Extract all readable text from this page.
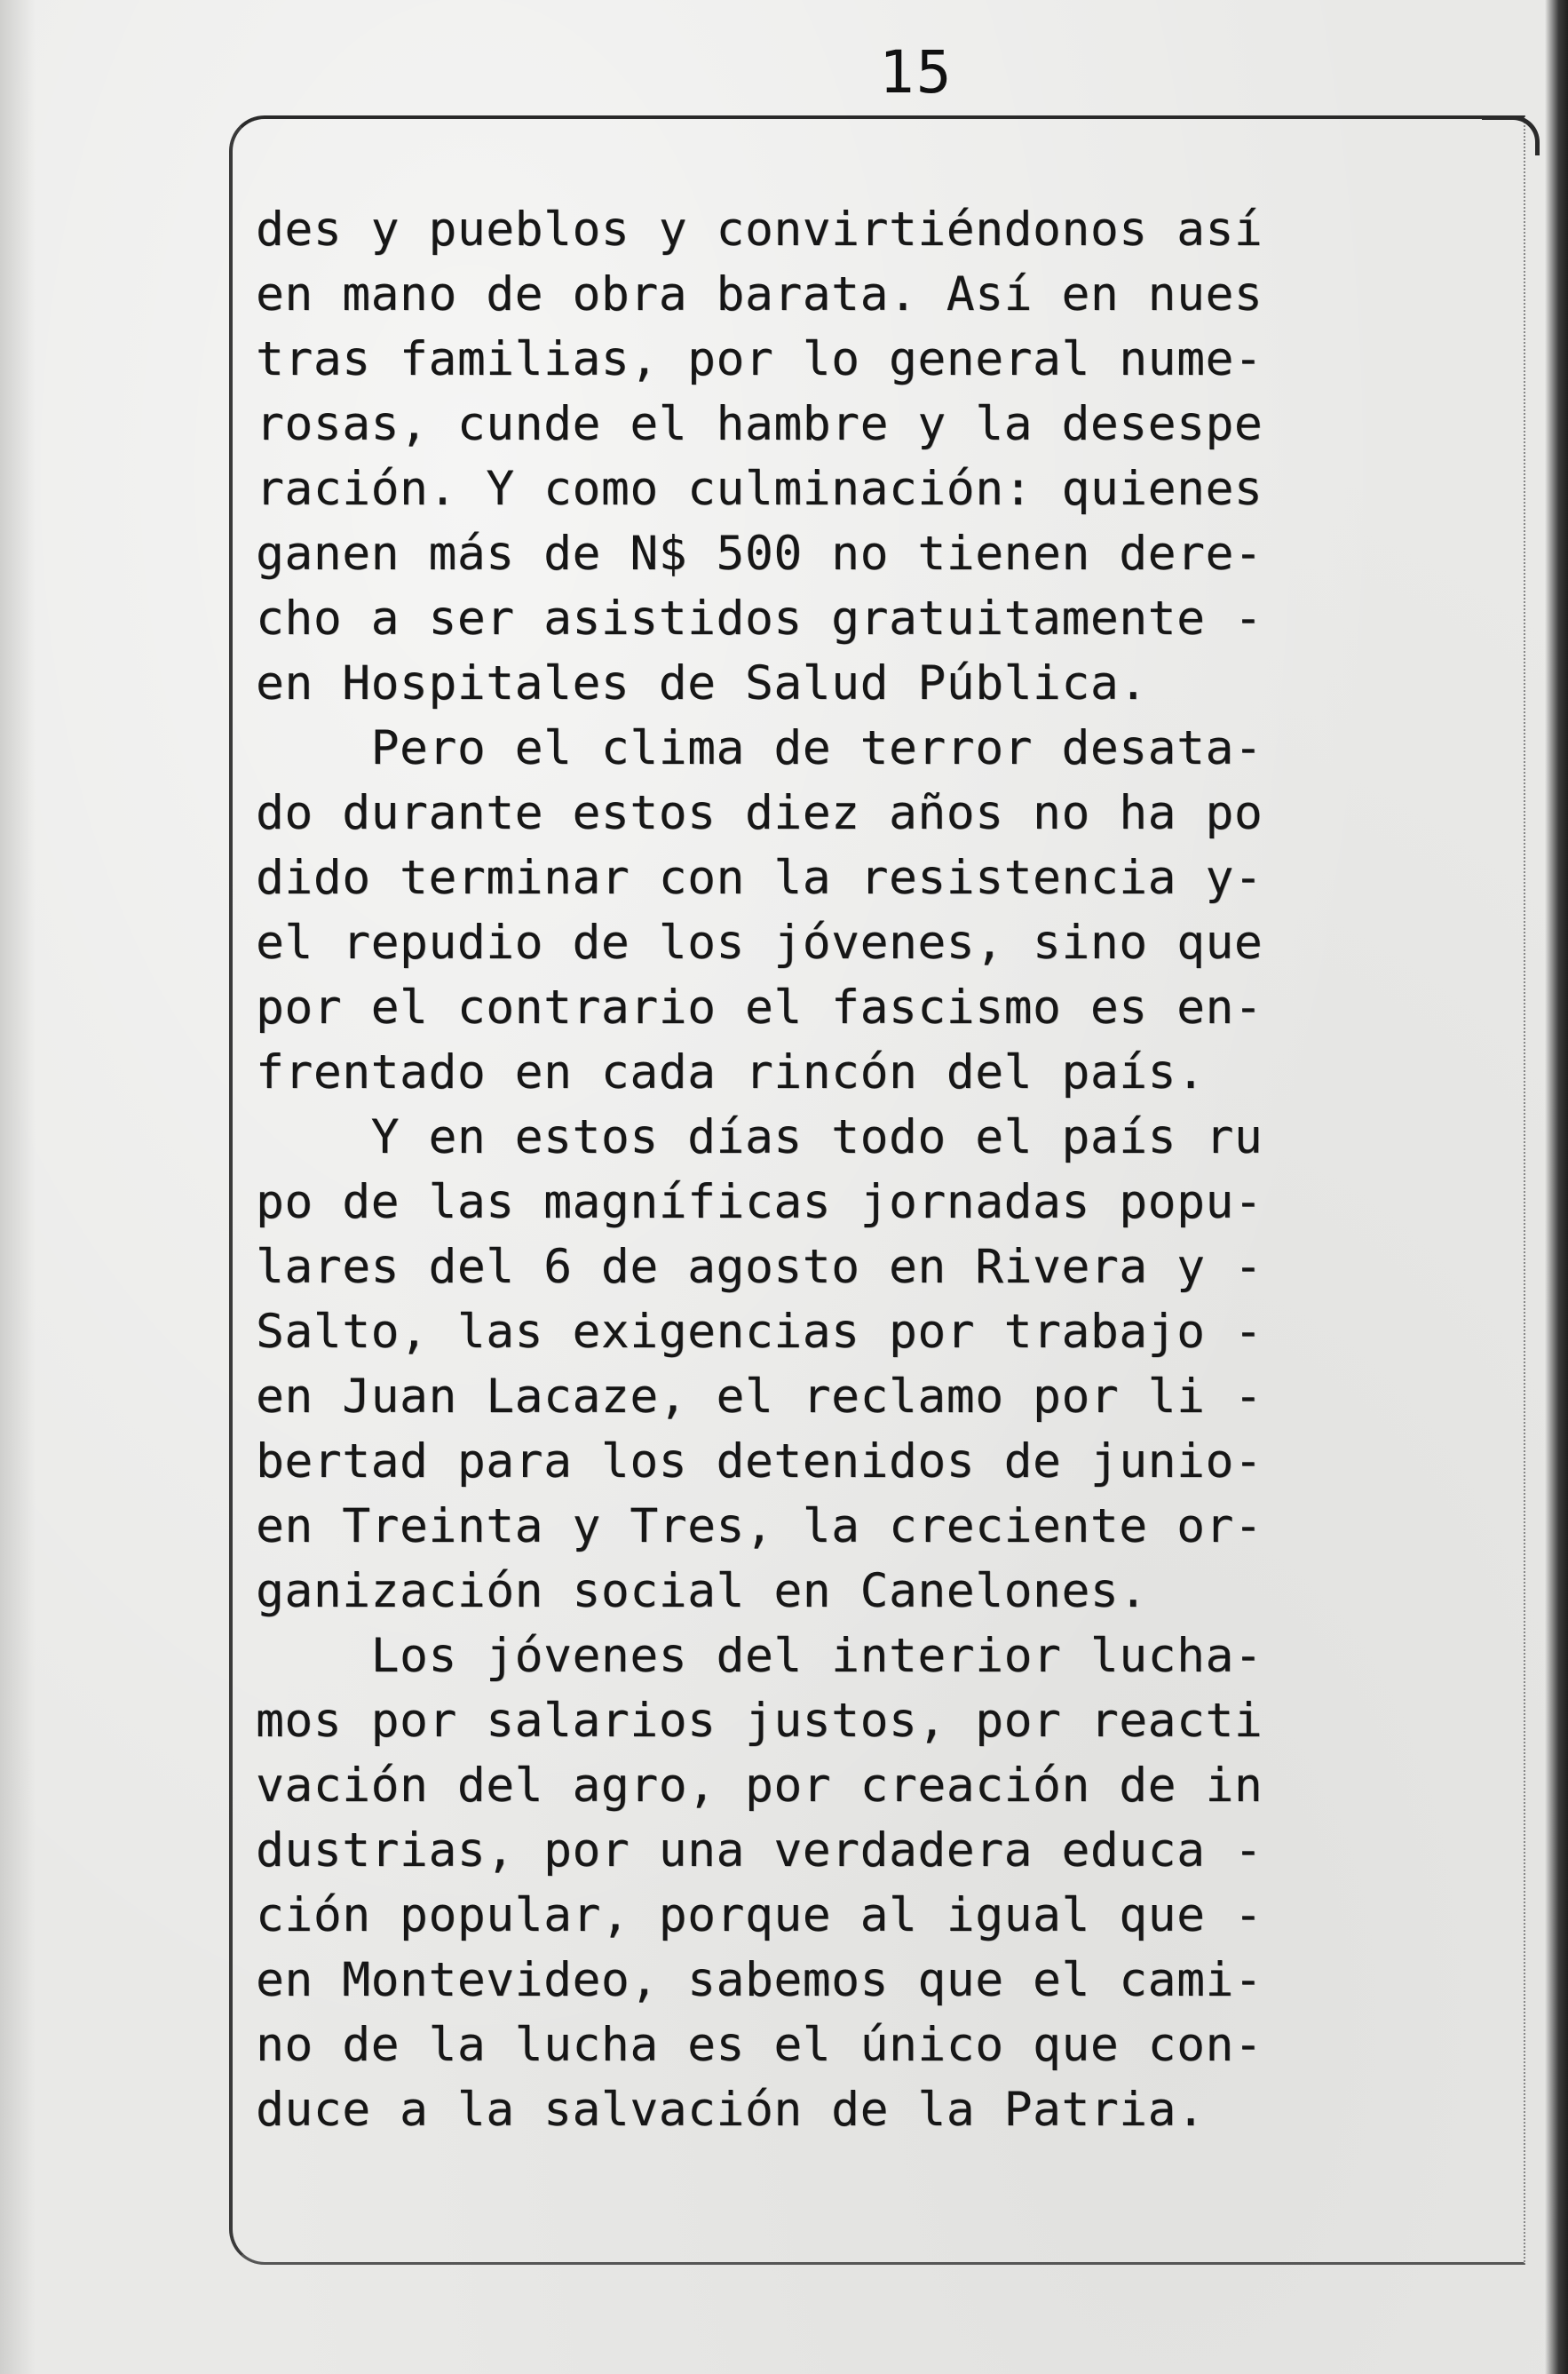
15
des y pueblos y convirtiéndonos así
en mano de obra barata. Así en nues
tras familias, por lo general nume-
rosas, cunde el hambre y la desespe
ración. Y como culminación: quienes
ganen más de N$ 500 no tienen dere-
cho a ser asistidos gratuitamente -
en Hospitales de Salud Pública.
Pero el clima de terror desata-
do durante estos diez años no ha po
dido terminar con la resistencia y-
el repudio de los jóvenes, sino que
por el contrario el fascismo es en-
frentado en cada rincón del país.
Y en estos días todo el país ru
po de las magníficas jornadas popu-
lares del 6 de agosto en Rivera y -
Salto, las exigencias por trabajo -
en Juan Lacaze, el reclamo por li -
bertad para los detenidos de junio-
en Treinta y Tres, la creciente or-
ganización social en Canelones.
Los jóvenes del interior lucha-
mos por salarios justos, por reacti
vación del agro, por creación de in
dustrias, por una verdadera educa -
ción popular, porque al igual que -
en Montevideo, sabemos que el cami-
no de la lucha es el único que con-
duce a la salvación de la Patria.
